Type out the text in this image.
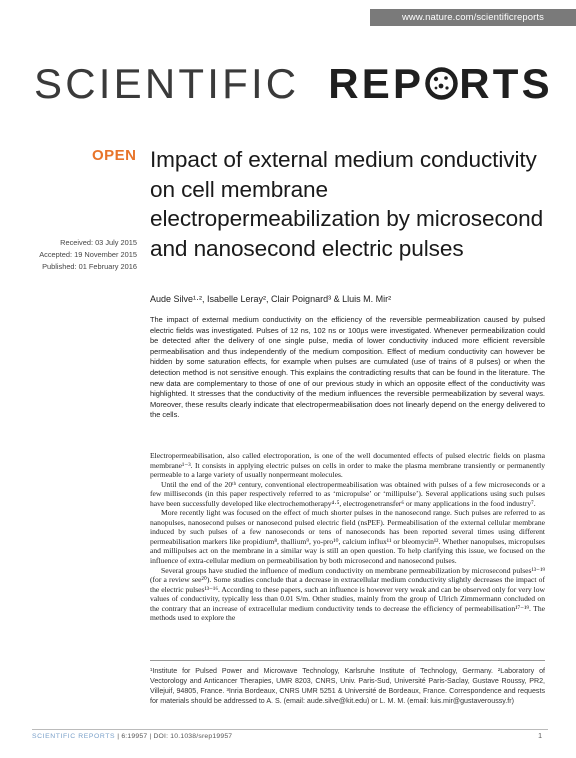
www.nature.com/scientificreports
SCIENTIFIC REP RTS
OPEN
Received: 03 July 2015
Accepted: 19 November 2015
Published: 01 February 2016
Impact of external medium conductivity on cell membrane electropermeabilization by microsecond and nanosecond electric pulses
Aude Silve¹·², Isabelle Leray², Clair Poignard³ & Lluis M. Mir²
The impact of external medium conductivity on the efficiency of the reversible permeabilization caused by pulsed electric fields was investigated. Pulses of 12 ns, 102 ns or 100µs were investigated. Whenever permeabilization could be detected after the delivery of one single pulse, media of lower conductivity induced more efficient reversible permeabilisation and thus independently of the medium composition. Effect of medium conductivity can however be hidden by some saturation effects, for example when pulses are cumulated (use of trains of 8 pulses) or when the detection method is not sensitive enough. This explains the contradicting results that can be found in the literature. The new data are complementary to those of one of our previous study in which an opposite effect of the conductivity was highlighted. It stresses that the conductivity of the medium influences the reversible permeabilization by several ways. Moreover, these results clearly indicate that electropermeabilisation does not linearly depend on the energy delivered to the cells.

Electropermeabilisation, also called electroporation, is one of the well documented effects of pulsed electric fields on plasma membrane¹⁻³. It consists in applying electric pulses on cells in order to make the plasma membrane transiently or permanently permeable to a large variety of usually nonpermeant molecules.

Until the end of the 20ᵗʰ century, conventional electropermeabilisation was obtained with pulses of a few microseconds or a few milliseconds (in this paper respectively referred to as ‘micropulse’ or ‘millipulse’). Several applications using such pulses have been successfully developed like electrochemotherapy⁴·⁵, electrogenetransfer⁶ or many applications in the food industry⁷.

More recently light was focused on the effect of much shorter pulses in the nanosecond range. Such pulses are referred to as nanopulses, nanosecond pulses or nanosecond pulsed electric field (nsPEF). Permeabilisation of the external cellular membrane induced by such pulses of a few nanoseconds or tens of nanoseconds has been reported several times using different permeabilisation markers like propidium⁸, thallium⁹, yo-pro¹⁰, calcium influx¹¹ or bleomycin¹². Whether nanopulses, micropulses and millipulses act on the membrane in a similar way is still an open question. To help clarifying this issue, we focused on the influence of extra-cellular medium on permeabilisation by both microsecond and nanosecond pulses.

Several groups have studied the influence of medium conductivity on membrane permeabilization by microsecond pulses¹³⁻¹⁹ (for a review see²⁰). Some studies conclude that a decrease in extracellular medium conductivity slightly decreases the impact of the electric pulses¹³⁻¹⁶. According to these papers, such an influence is however very weak and can be observed only for very low values of conductivity, typically less than 0.01 S/m. Other studies, mainly from the group of Ulrich Zimmermann concluded on the contrary that an increase of extracellular medium conductivity tends to decrease the efficiency of permeabilisation¹⁷⁻¹⁹. The methods used to explore the

¹Institute for Pulsed Power and Microwave Technology, Karlsruhe Institute of Technology, Germany. ²Laboratory of Vectorology and Anticancer Therapies, UMR 8203, CNRS, Univ. Paris-Sud, Université Paris-Saclay, Gustave Roussy, PR2, Villejuif, 94805, France. ³Inria Bordeaux, CNRS UMR 5251 & Université de Bordeaux, France. Correspondence and requests for materials should be addressed to A. S. (email: aude.silve@kit.edu) or L. M. M. (email: luis.mir@gustaveroussy.fr)
SCIENTIFIC REPORTS | 6:19957 | DOI: 10.1038/srep19957	1
